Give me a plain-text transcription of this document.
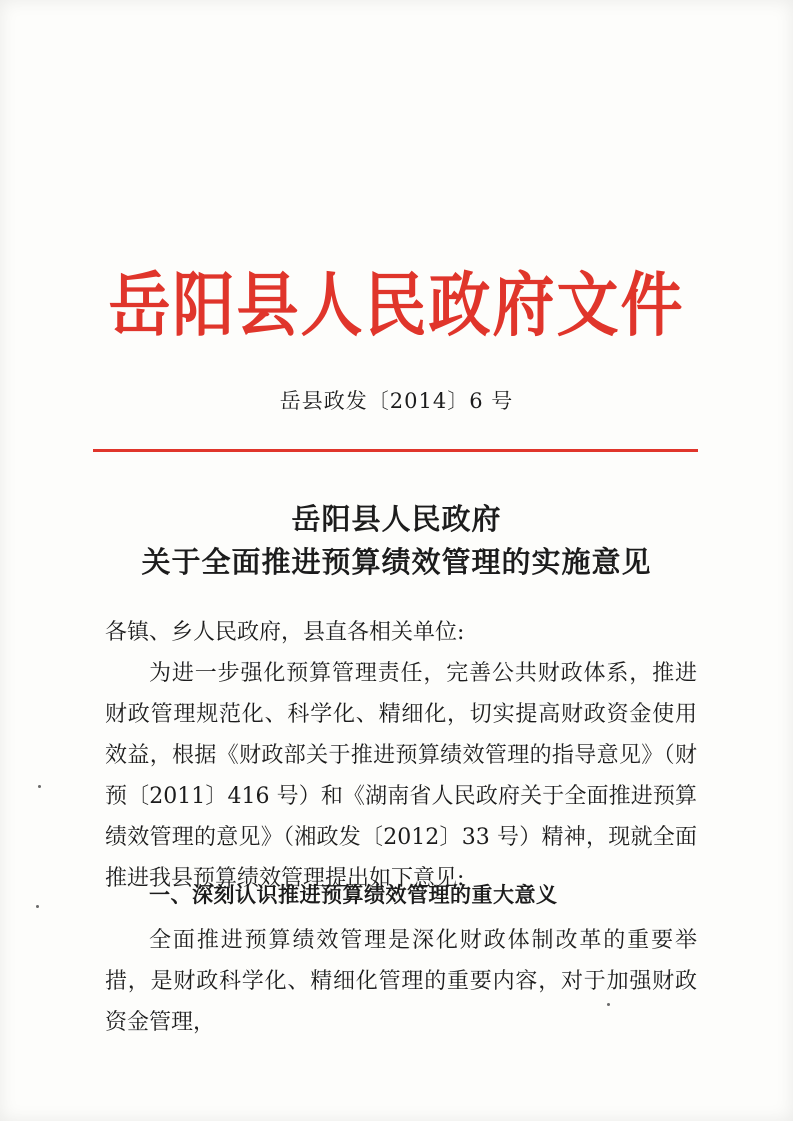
岳阳县人民政府文件
岳县政发〔2014〕6 号
岳阳县人民政府
关于全面推进预算绩效管理的实施意见
各镇、乡人民政府，县直各相关单位:
为进一步强化预算管理责任，完善公共财政体系，推进财政管理规范化、科学化、精细化，切实提高财政资金使用效益，根据《财政部关于推进预算绩效管理的指导意见》（财预〔2011〕416 号）和《湖南省人民政府关于全面推进预算绩效管理的意见》（湘政发〔2012〕33 号）精神，现就全面推进我县预算绩效管理提出如下意见:
一、深刻认识推进预算绩效管理的重大意义
全面推进预算绩效管理是深化财政体制改革的重要举措，是财政科学化、精细化管理的重要内容，对于加强财政资金管理，
